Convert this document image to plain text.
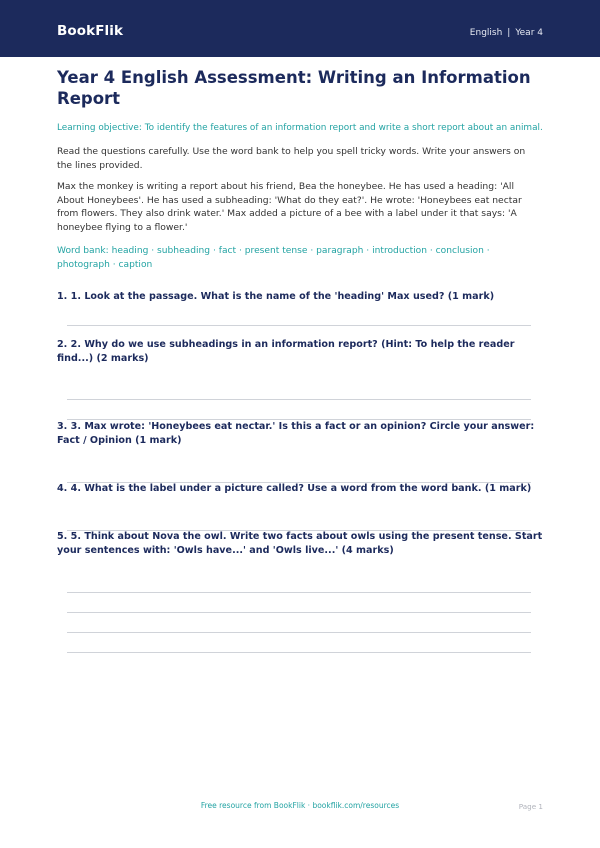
BookFlik	English | Year 4
Year 4 English Assessment: Writing an Information Report
Learning objective: To identify the features of an information report and write a short report about an animal.
Read the questions carefully. Use the word bank to help you spell tricky words. Write your answers on the lines provided.
Max the monkey is writing a report about his friend, Bea the honeybee. He has used a heading: 'All About Honeybees'. He has used a subheading: 'What do they eat?'. He wrote: 'Honeybees eat nectar from flowers. They also drink water.' Max added a picture of a bee with a label under it that says: 'A honeybee flying to a flower.'
Word bank: heading · subheading · fact · present tense · paragraph · introduction · conclusion · photograph · caption
1. 1. Look at the passage. What is the name of the 'heading' Max used? (1 mark)
2. 2. Why do we use subheadings in an information report? (Hint: To help the reader find...) (2 marks)
3. 3. Max wrote: 'Honeybees eat nectar.' Is this a fact or an opinion? Circle your answer: Fact / Opinion (1 mark)
4. 4. What is the label under a picture called? Use a word from the word bank. (1 mark)
5. 5. Think about Nova the owl. Write two facts about owls using the present tense. Start your sentences with: 'Owls have...' and 'Owls live...' (4 marks)
Free resource from BookFlik · bookflik.com/resources	Page 1
